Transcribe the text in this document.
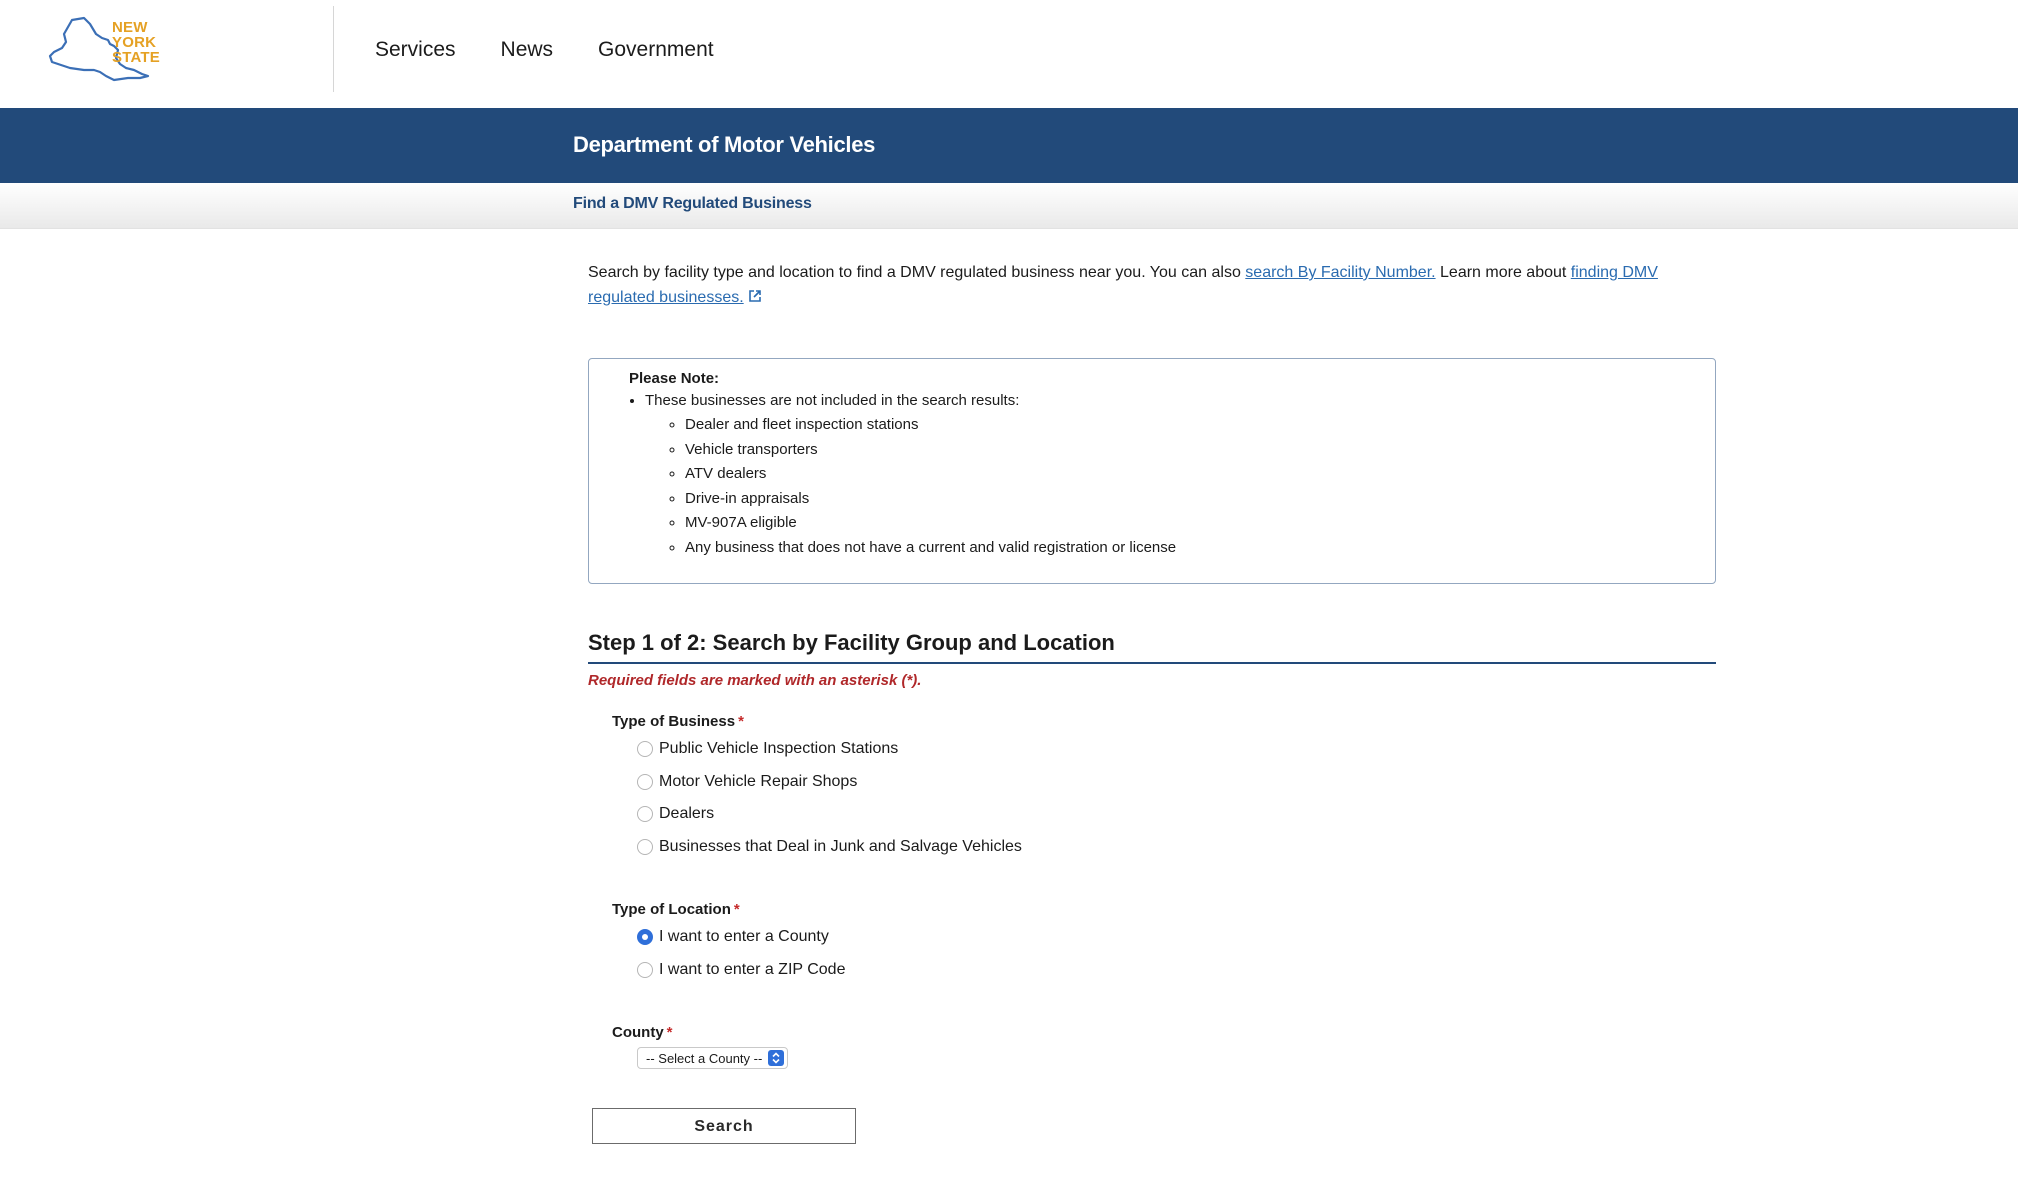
NEW
YORK
STATE	Services News Government
Department of Motor Vehicles
Find a DMV Regulated Business

Search by facility type and location to find a DMV regulated business near you. You can also search By Facility Number. Learn more about finding DMV regulated businesses.

Please Note:
• These businesses are not included in the search results:
◦ Dealer and fleet inspection stations
◦ Vehicle transporters
◦ ATV dealers
◦ Drive-in appraisals
◦ MV-907A eligible
◦ Any business that does not have a current and valid registration or license
Step 1 of 2: Search by Facility Group and Location
Required fields are marked with an asterisk (*).
Type of Business *
Public Vehicle Inspection Stations
Motor Vehicle Repair Shops
Dealers
Businesses that Deal in Junk and Salvage Vehicles
Type of Location *
I want to enter a County
I want to enter a ZIP Code
County *
-- Select a County --
Search
